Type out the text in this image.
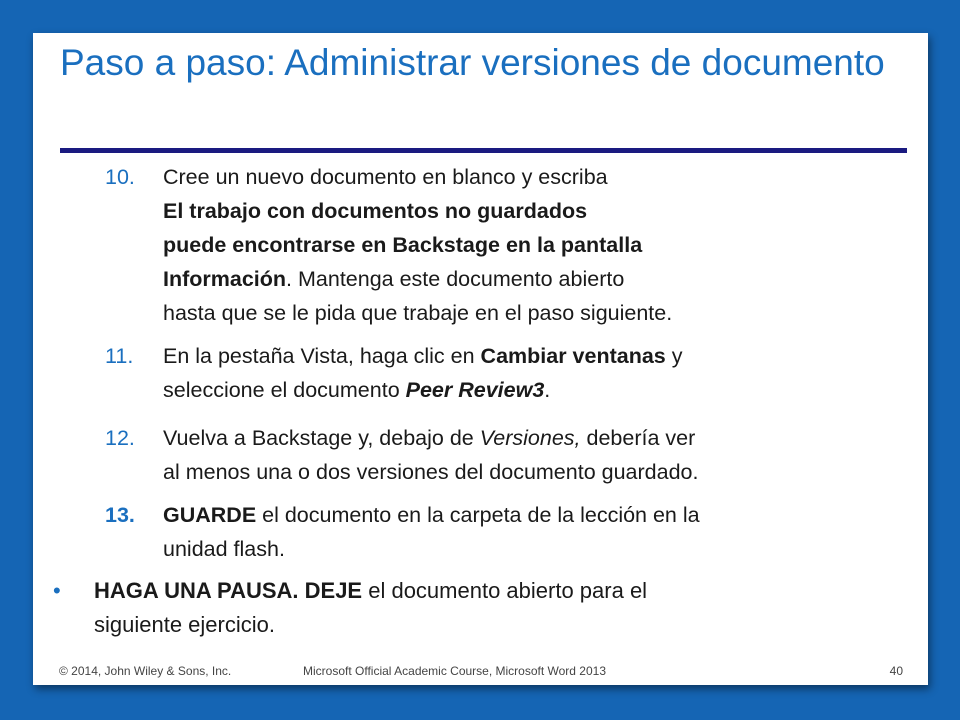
Paso a paso: Administrar versiones de documento
10.	Cree un nuevo documento en blanco y escriba
El trabajo con documentos no guardados
puede encontrarse en Backstage en la pantalla
Información. Mantenga este documento abierto
hasta que se le pida que trabaje en el paso siguiente.
11.	En la pestaña Vista, haga clic en Cambiar ventanas y
seleccione el documento Peer Review3.
12.	Vuelva a Backstage y, debajo de Versiones, debería ver
al menos una o dos versiones del documento guardado.
13.	GUARDE el documento en la carpeta de la lección en la
unidad flash.
• HAGA UNA PAUSA. DEJE el documento abierto para el
siguiente ejercicio.
© 2014, John Wiley & Sons, Inc.	Microsoft Official Academic Course, Microsoft Word 2013	40
